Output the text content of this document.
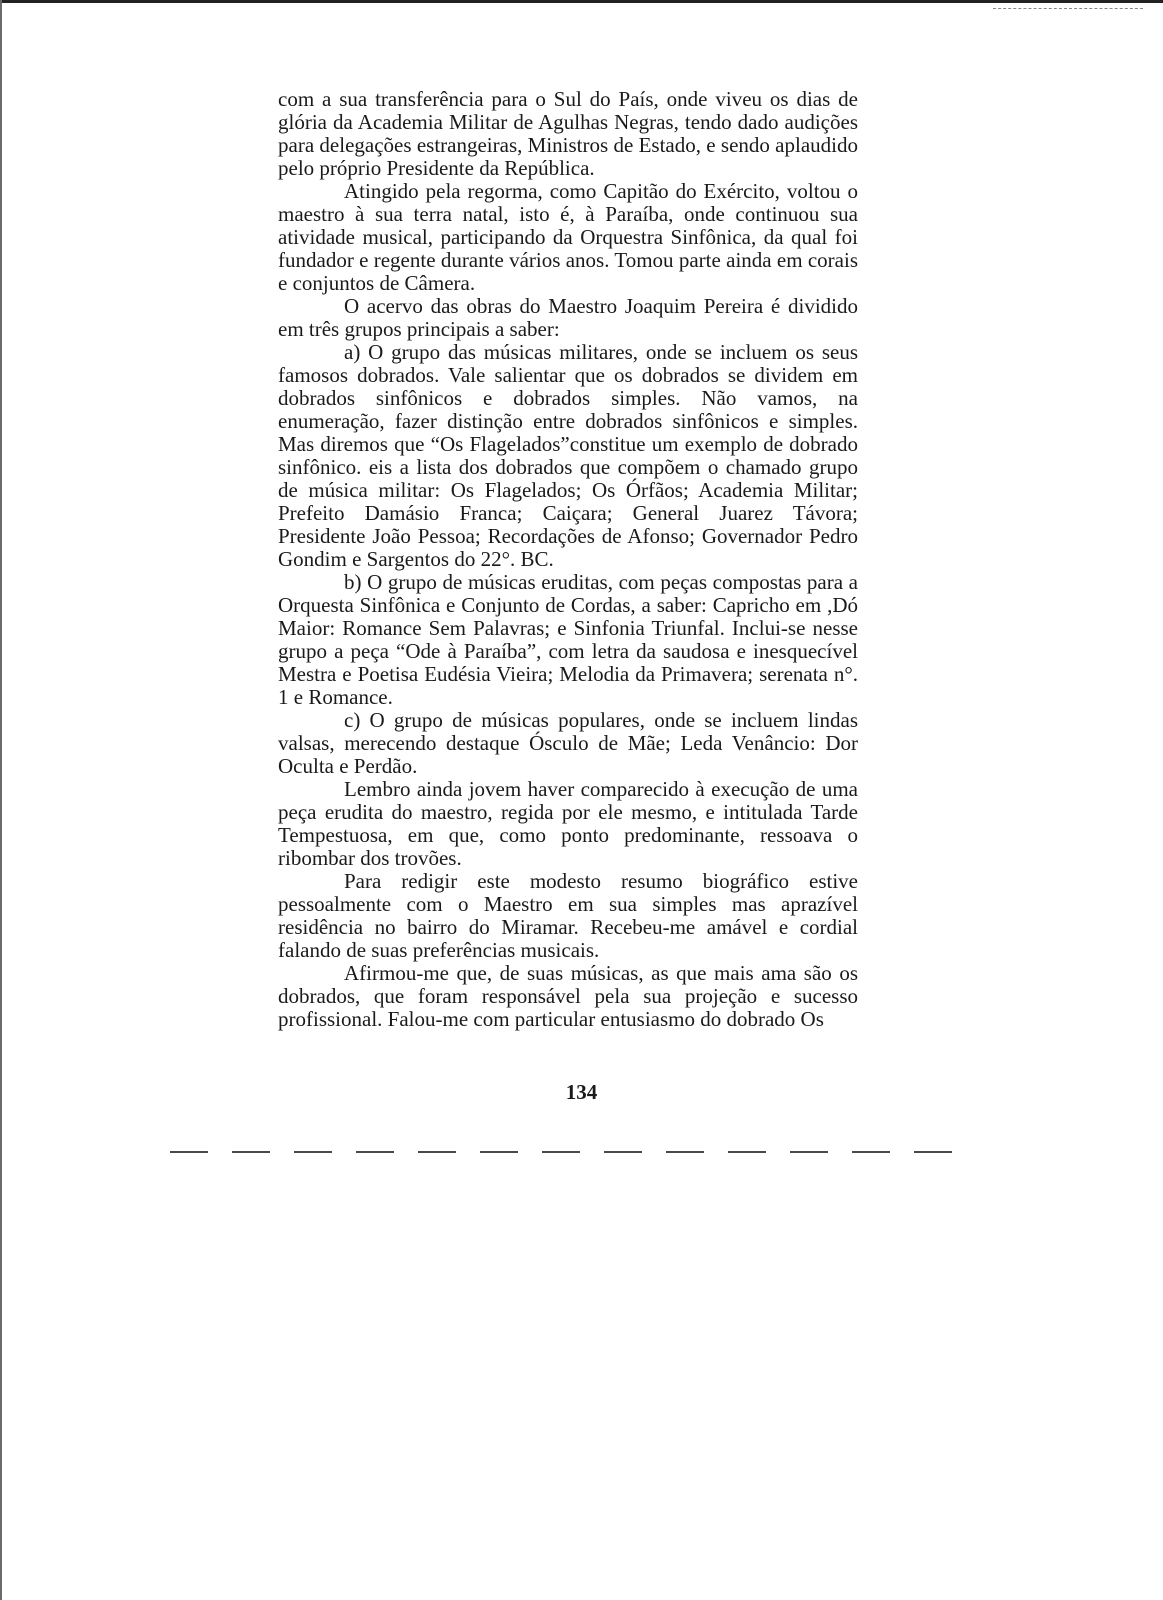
com a sua transferência para o Sul do País, onde viveu os dias de glória da Academia Militar de Agulhas Negras, tendo dado audições para delegações estrangeiras, Ministros de Estado, e sendo aplaudido pelo próprio Presidente da República.

Atingido pela regorma, como Capitão do Exército, voltou o maestro à sua terra natal, isto é, à Paraíba, onde continuou sua atividade musical, participando da Orquestra Sinfônica, da qual foi fundador e regente durante vários anos. Tomou parte ainda em corais e conjuntos de Câmera.

O acervo das obras do Maestro Joaquim Pereira é dividido em três grupos principais a saber:

a) O grupo das músicas militares, onde se incluem os seus famosos dobrados. Vale salientar que os dobrados se dividem em dobrados sinfônicos e dobrados simples. Não vamos, na enumeração, fazer distinção entre dobrados sinfônicos e simples. Mas diremos que “Os Flagelados”constitue um exemplo de dobrado sinfônico. eis a lista dos dobrados que compõem o chamado grupo de música militar: Os Flagelados; Os Órfãos; Academia Militar; Prefeito Damásio Franca; Caiçara; General Juarez Távora; Presidente João Pessoa; Recordações de Afonso; Governador Pedro Gondim e Sargentos do 22°. BC.

b) O grupo de músicas eruditas, com peças compostas para a Orquesta Sinfônica e Conjunto de Cordas, a saber: Capricho em ,Dó Maior: Romance Sem Palavras; e Sinfonia Triunfal. Inclui-se nesse grupo a peça “Ode à Paraíba”, com letra da saudosa e inesquecível Mestra e Poetisa Eudésia Vieira; Melodia da Primavera; serenata n°. 1 e Romance.

c) O grupo de músicas populares, onde se incluem lindas valsas, merecendo destaque Ósculo de Mãe; Leda Venâncio: Dor Oculta e Perdão.

Lembro ainda jovem haver comparecido à execução de uma peça erudita do maestro, regida por ele mesmo, e intitulada Tarde Tempestuosa, em que, como ponto predominante, ressoava o ribombar dos trovões.

Para redigir este modesto resumo biográfico estive pessoalmente com o Maestro em sua simples mas aprazível residência no bairro do Miramar. Recebeu-me amável e cordial falando de suas preferências musicais.

Afirmou-me que, de suas músicas, as que mais ama são os dobrados, que foram responsável pela sua projeção e sucesso profissional. Falou-me com particular entusiasmo do dobrado Os

134
